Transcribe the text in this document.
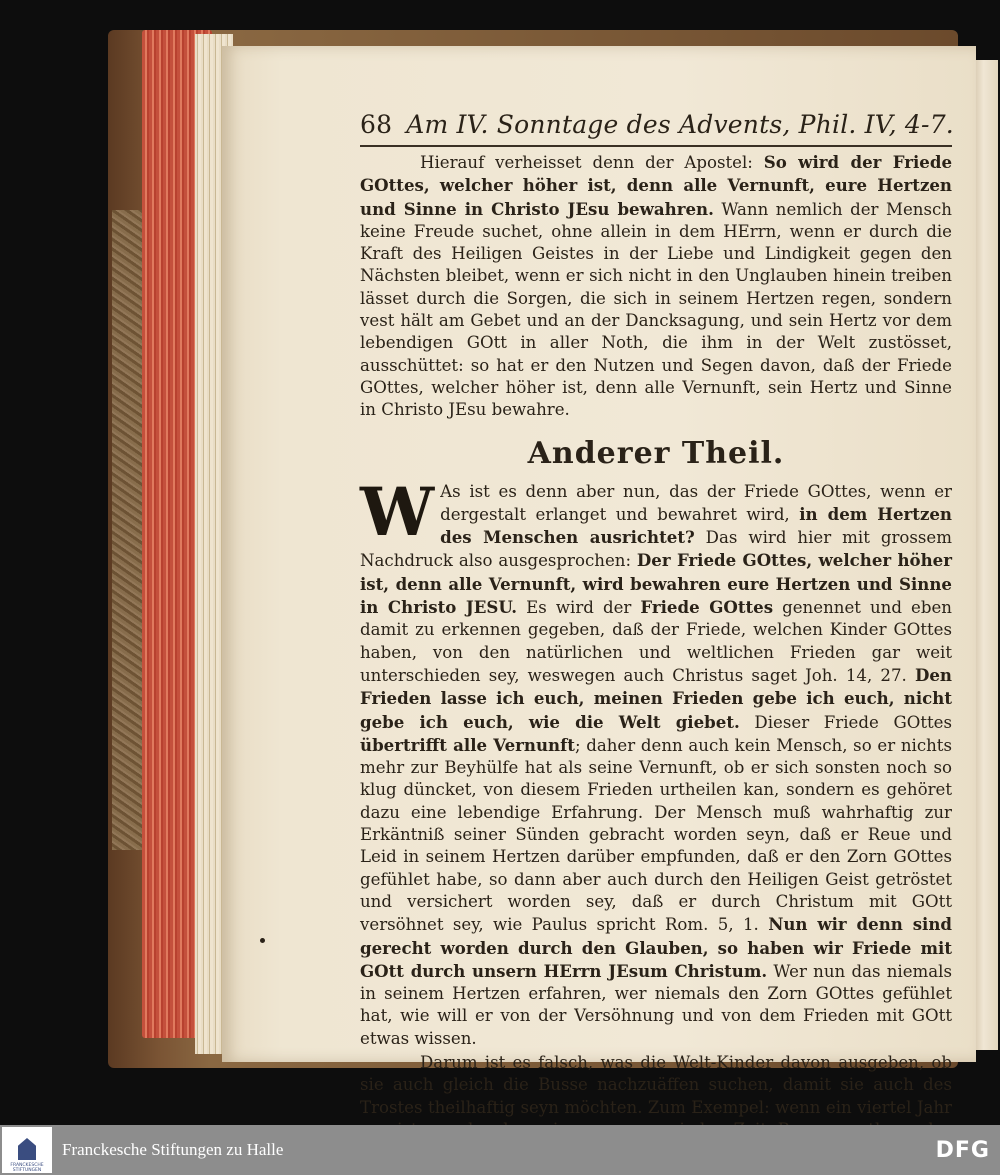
68 Am IV. Sonntage des Advents, Phil. IV, 4-7.

Hierauf verheisset denn der Apostel: So wird der Friede GOttes, welcher höher ist, denn alle Vernunft, eure Hertzen und Sinne in Christo JEsu bewahren. Wann nemlich der Mensch keine Freude suchet, ohne allein in dem HErrn, wenn er durch die Kraft des Heiligen Geistes in der Liebe und Lindigkeit gegen den Nächsten bleibet, wenn er sich nicht in den Unglauben hinein treiben lässet durch die Sorgen, die sich in seinem Hertzen regen, sondern vest hält am Gebet und an der Dancksagung, und sein Hertz vor dem lebendigen GOtt in aller Noth, die ihm in der Welt zustösset, ausschüttet: so hat er den Nutzen und Segen davon, daß der Friede GOttes, welcher höher ist, denn alle Vernunft, sein Hertz und Sinne in Christo JEsu bewahre.

Anderer Theil.
W As ist es denn aber nun, das der Friede GOttes, wenn er dergestalt erlanget und bewahret wird, in dem Hertzen des Menschen ausrichtet? Das wird hier mit grossem Nachdruck also ausgesprochen: Der Friede GOttes, welcher höher ist, denn alle Vernunft, wird bewahren eure Hertzen und Sinne in Christo JESU. Es wird der Friede GOttes genennet und eben damit zu erkennen gegeben, daß der Friede, welchen Kinder GOttes haben, von den natürlichen und weltlichen Frieden gar weit unterschieden sey, weswegen auch Christus saget Joh. 14, 27. Den Frieden lasse ich euch, meinen Frieden gebe ich euch, nicht gebe ich euch, wie die Welt giebet. Dieser Friede GOttes übertrifft alle Vernunft; daher denn auch kein Mensch, so er nichts mehr zur Beyhülfe hat als seine Vernunft, ob er sich sonsten noch so klug düncket, von diesem Frieden urtheilen kan, sondern es gehöret dazu eine lebendige Erfahrung. Der Mensch muß wahrhaftig zur Erkäntniß seiner Sünden gebracht worden seyn, daß er Reue und Leid in seinem Hertzen darüber empfunden, daß er den Zorn GOttes gefühlet habe, so dann aber auch durch den Heiligen Geist getröstet und versichert worden sey, daß er durch Christum mit GOtt versöhnet sey, wie Paulus spricht Rom. 5, 1. Nun wir denn sind gerecht worden durch den Glauben, so haben wir Friede mit GOtt durch unsern HErrn JEsum Christum. Wer nun das niemals in seinem Hertzen erfahren, wer niemals den Zorn GOttes gefühlet hat, wie will er von der Versöhnung und von dem Frieden mit GOtt etwas wissen.

Darum ist es falsch, was die Welt-Kinder davon ausgeben, ob sie auch gleich die Busse nachzuäffen suchen, damit sie auch des Trostes theilhaftig seyn möchten. Zum Exempel: wenn ein viertel Jahr

FRANCKESCHE STIFTUNGEN
Franckesche Stiftungen zu Halle	DFG
